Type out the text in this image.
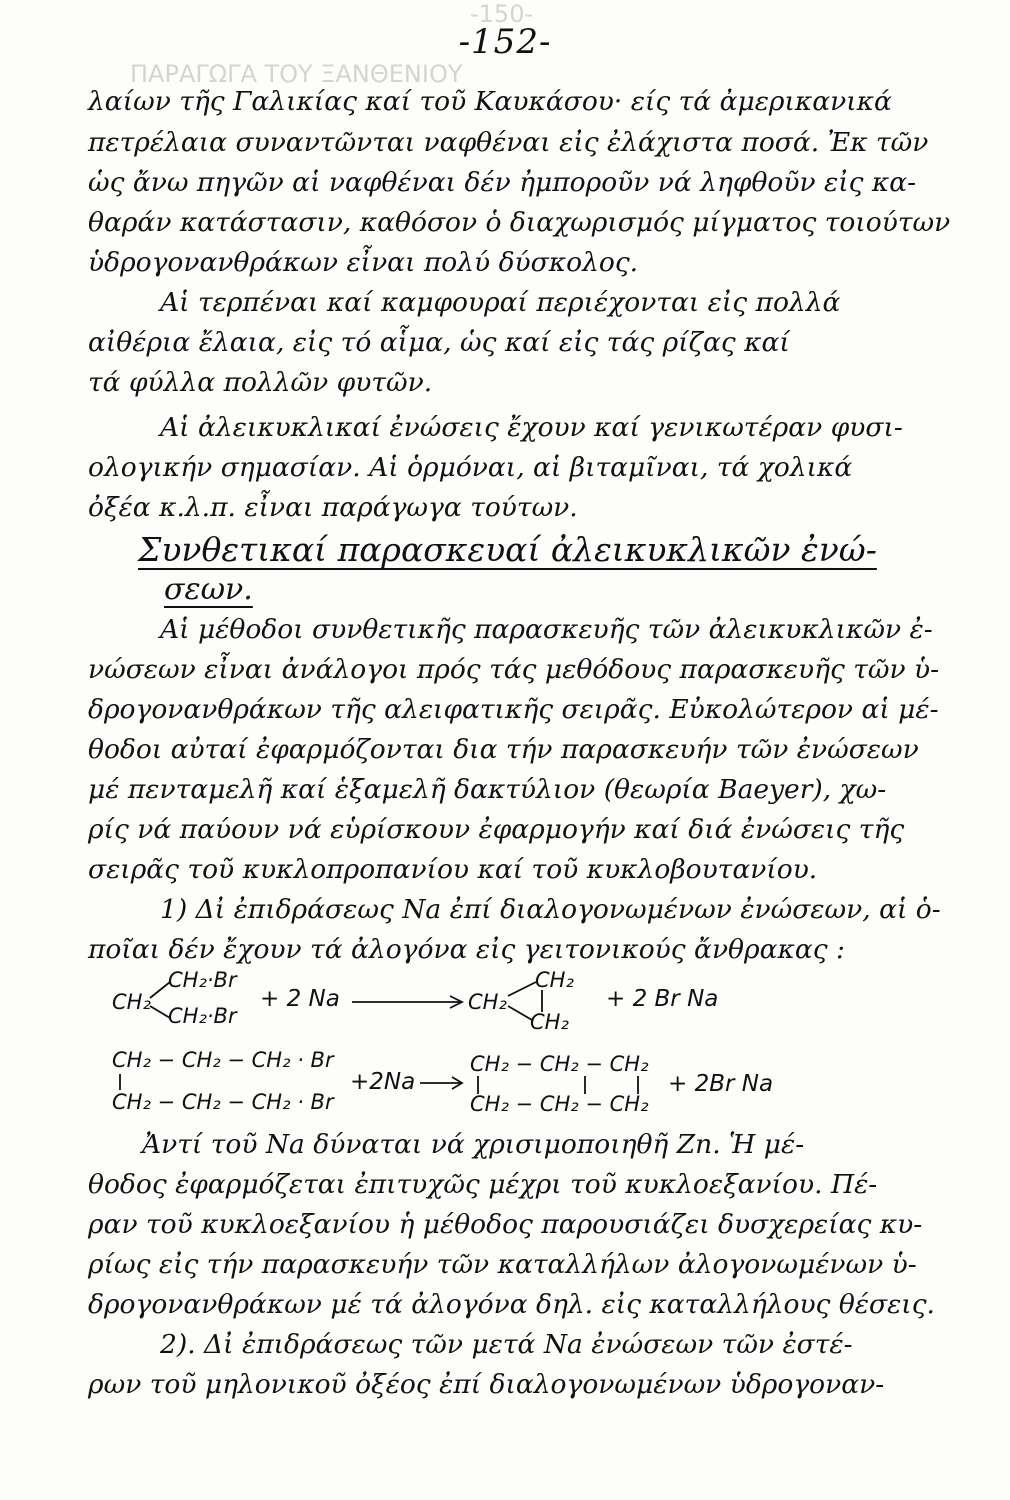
-150-
ΠΑΡΑΓΩΓΑ ΤΟΥ ΞΑΝΘΕΝΙΟΥ
-152-
λαίων τῆς Γαλικίας καί τοῦ Καυκάσου· είς τά ἀμερικανικά
πετρέλαια συναντῶνται ναφθέναι εἰς ἐλάχιστα ποσά. Ἐκ τῶν
ὡς ἄνω πηγῶν αἱ ναφθέναι δέν ἠμποροῦν νά ληφθοῦν εἰς κα-
θαράν κατάστασιν, καθόσον ὁ διαχωρισμός μίγματος τοιούτων
ὑδρογονανθράκων εἶναι πολύ δύσκολος.
Αἱ τερπέναι καί καμφουραί περιέχονται εἰς πολλά
αἰθέρια ἔλαια, εἰς τό αἷμα, ὡς καί εἰς τάς ρίζας καί
τά φύλλα πολλῶν φυτῶν.
Αἱ ἀλεικυκλικαί ἐνώσεις ἔχουν καί γενικωτέραν φυσι-
ολογικήν σημασίαν. Αἱ ὁρμόναι, αἱ βιταμῖναι, τά χολικά
ὀξέα κ.λ.π. εἶναι παράγωγα τούτων.
Συνθετικαί παρασκευαί ἀλεικυκλικῶν ἐνώ-
σεων.
Αἱ μέθοδοι συνθετικῆς παρασκευῆς τῶν ἀλεικυκλικῶν ἐ-
νώσεων εἶναι ἀνάλογοι πρός τάς μεθόδους παρασκευῆς τῶν ὑ-
δρογονανθράκων τῆς αλειφατικῆς σειρᾶς. Εὐκολώτερον αἱ μέ-
θοδοι αὐταί ἐφαρμόζονται δια τήν παρασκευήν τῶν ἐνώσεων
μέ πενταμελῆ καί ἑξαμελῆ δακτύλιον (θεωρία Baeyer), χω-
ρίς νά παύουν νά εὑρίσκουν ἐφαρμογήν καί διά ἐνώσεις τῆς
σειρᾶς τοῦ κυκλοπροπανίου καί τοῦ κυκλοβουτανίου.
1) Δἰ ἐπιδράσεως Na ἐπί διαλογονωμένων ἐνώσεων, αἱ ὁ-
ποῖαι δέν ἔχουν τά ἀλογόνα εἰς γειτονικούς ἄνθρακας :
CH₂
CH₂·Br
CH₂·Br
+ 2 Na	CH₂
CH₂
CH₂
+ 2 Br Na
CH₂ − CH₂ − CH₂ · Br
CH₂ − CH₂ − CH₂ · Br
+2Na
CH₂ − CH₂ − CH₂
CH₂ − CH₂ − CH₂
+ 2Br Na
Ἀντί τοῦ Na δύναται νά χρισιμοποιηθῆ Zn. Ἡ μέ-
θοδος ἐφαρμόζεται ἐπιτυχῶς μέχρι τοῦ κυκλοεξανίου. Πέ-
ραν τοῦ κυκλοεξανίου ἡ μέθοδος παρουσιάζει δυσχερείας κυ-
ρίως εἰς τήν παρασκευήν τῶν καταλλήλων ἀλογονωμένων ὑ-
δρογονανθράκων μέ τά ἀλογόνα δηλ. εἰς καταλλήλους θέσεις.
2). Δἰ ἐπιδράσεως τῶν μετά Na ἐνώσεων τῶν ἐστέ-
ρων τοῦ μηλονικοῦ ὀξέος ἐπί διαλογονωμένων ὑδρογοναν-
